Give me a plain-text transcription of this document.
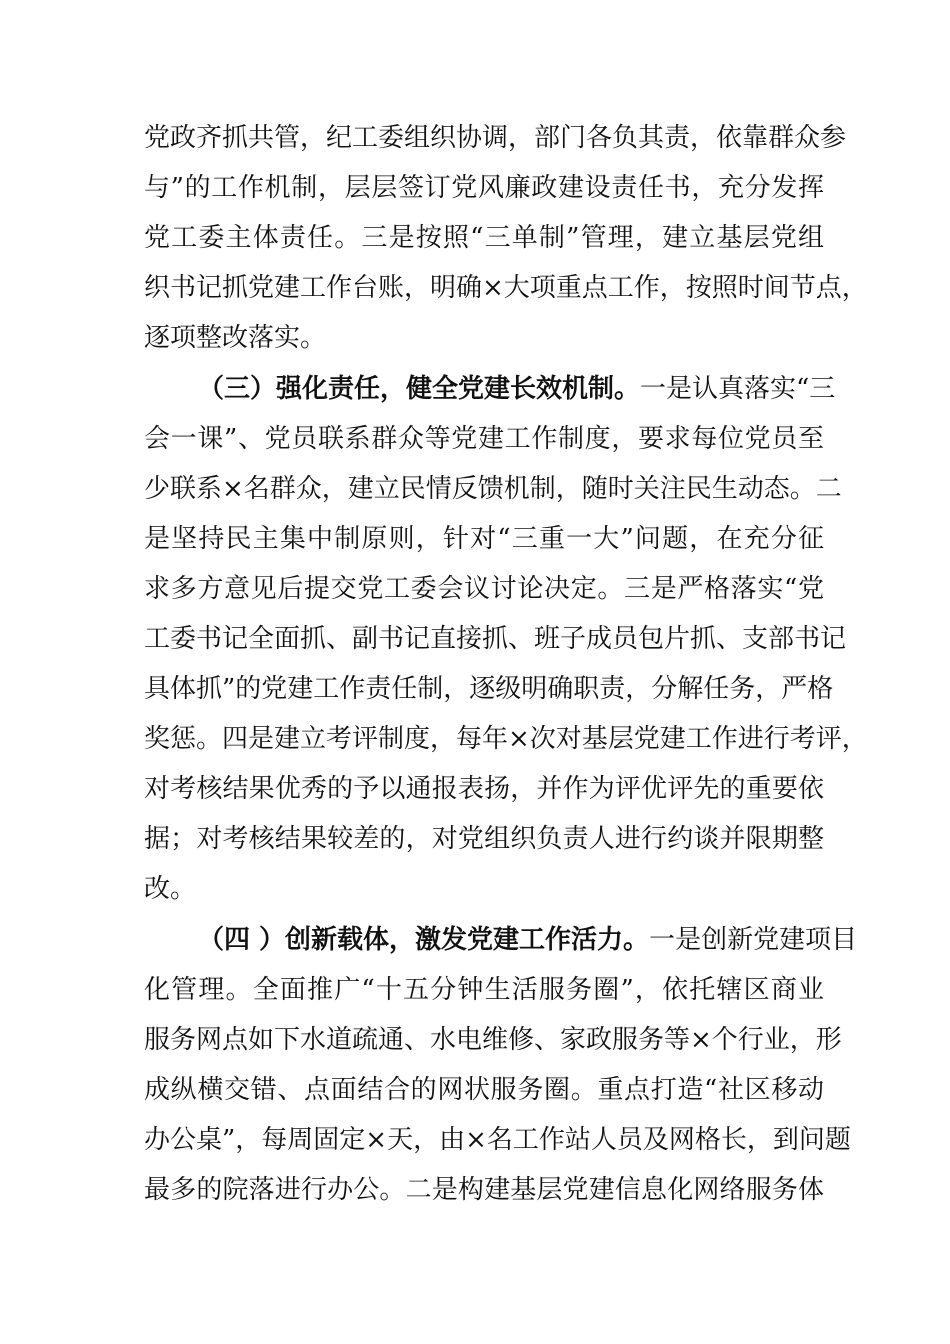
党政齐抓共管，纪工委组织协调，部门各负其责，依靠群众参
与”的工作机制，层层签订党风廉政建设责任书，充分发挥
党工委主体责任。三是按照“三单制”管理，建立基层党组
织书记抓党建工作台账，明确×大项重点工作，按照时间节点，
逐项整改落实。
（三）强化责任，健全党建长效机制。一是认真落实“三
会一课”、党员联系群众等党建工作制度，要求每位党员至
少联系×名群众，建立民情反馈机制，随时关注民生动态。二
是坚持民主集中制原则，针对“三重一大”问题，在充分征
求多方意见后提交党工委会议讨论决定。三是严格落实“党
工委书记全面抓、副书记直接抓、班子成员包片抓、支部书记
具体抓”的党建工作责任制，逐级明确职责，分解任务，严格
奖惩。四是建立考评制度，每年×次对基层党建工作进行考评，
对考核结果优秀的予以通报表扬，并作为评优评先的重要依
据；对考核结果较差的，对党组织负责人进行约谈并限期整
改。
（四 ）创新载体，激发党建工作活力。一是创新党建项目
化管理。全面推广“十五分钟生活服务圈”，依托辖区商业
服务网点如下水道疏通、水电维修、家政服务等×个行业，形
成纵横交错、点面结合的网状服务圈。重点打造“社区移动
办公桌”，每周固定×天，由×名工作站人员及网格长，到问题
最多的院落进行办公。二是构建基层党建信息化网络服务体
